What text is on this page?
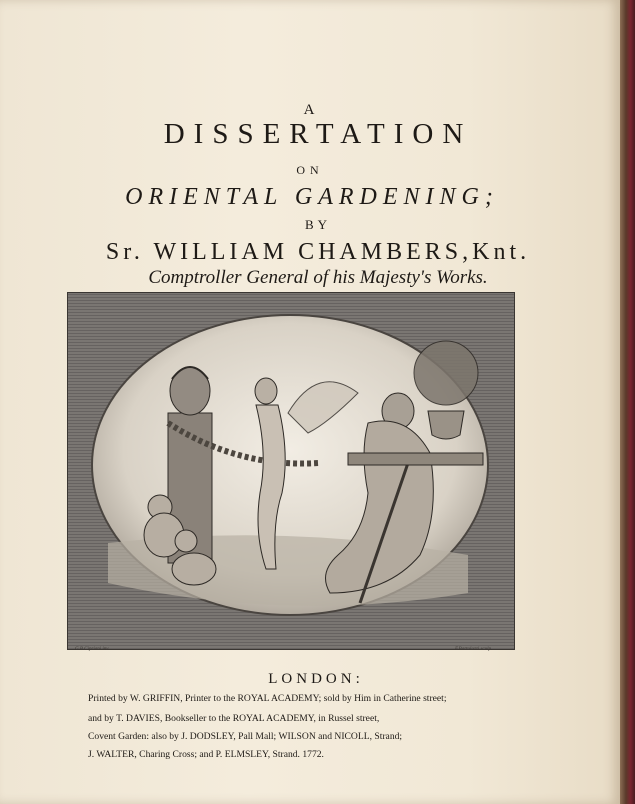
A
DISSERTATION
ON
ORIENTAL GARDENING;
BY
Sr. WILLIAM CHAMBERS,Knt.
Comptroller General of his Majesty's Works.
G.B.Cipriani inv.	F.Bartolozzi sculp.
LONDON:
Printed by W. GRIFFIN, Printer to the ROYAL ACADEMY; sold by Him in Catherine street;
and by T. DAVIES, Bookseller to the ROYAL ACADEMY, in Russel street,
Covent Garden: also by J. DODSLEY, Pall Mall; WILSON and NICOLL, Strand;
J. WALTER, Charing Cross; and P. ELMSLEY, Strand. 1772.
